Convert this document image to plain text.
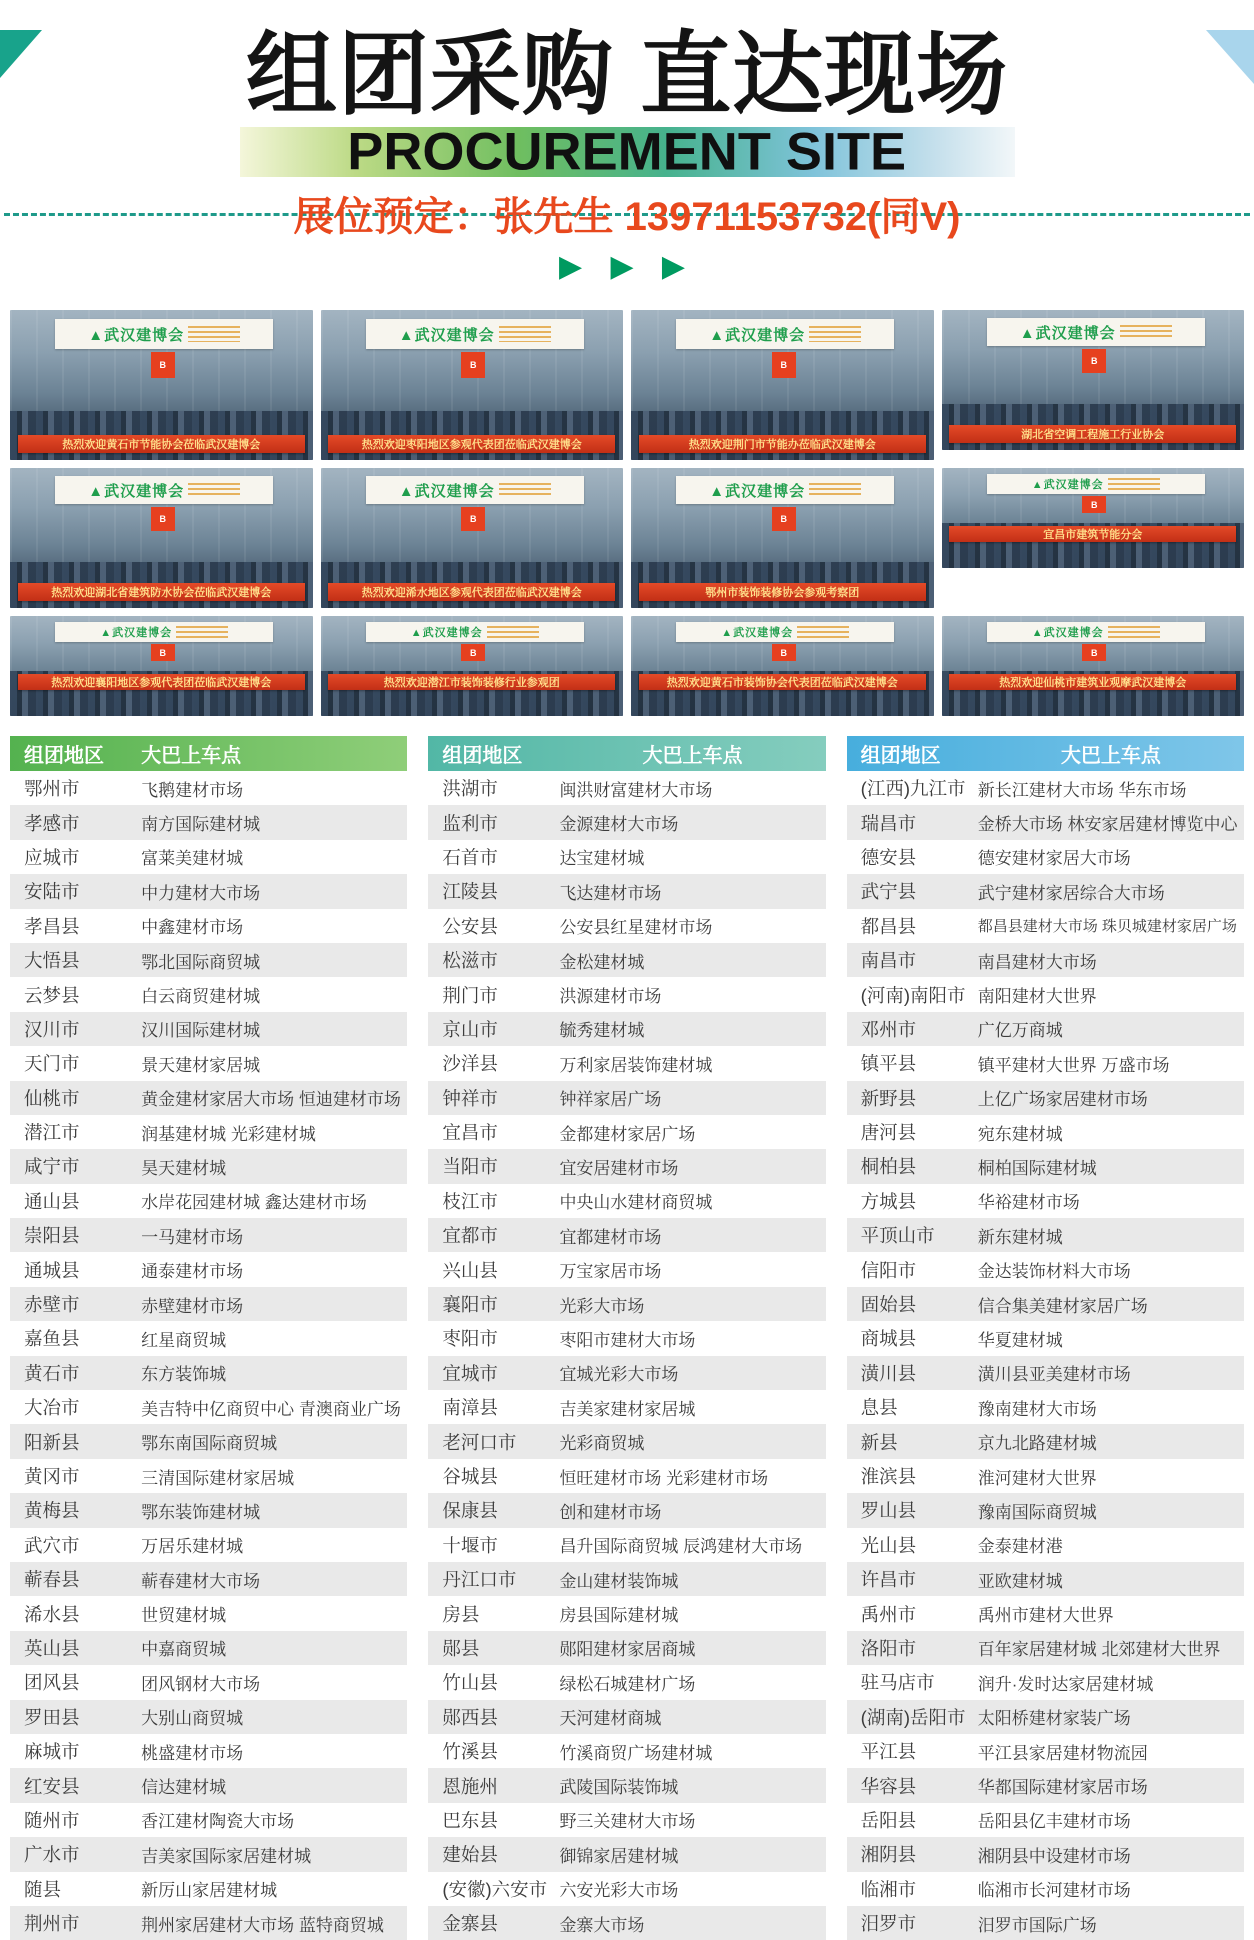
组团采购 直达现场
PROCUREMENT SITE
展位预定：张先生 13971153732(同V)
▶ ▶ ▶
▲武汉建博会
B
热烈欢迎黄石市节能协会莅临武汉建博会
▲武汉建博会
B
热烈欢迎枣阳地区参观代表团莅临武汉建博会
▲武汉建博会
B
热烈欢迎荆门市节能办莅临武汉建博会
▲武汉建博会
B
湖北省空调工程施工行业协会
▲武汉建博会
B
热烈欢迎湖北省建筑防水协会莅临武汉建博会
▲武汉建博会
B
热烈欢迎浠水地区参观代表团莅临武汉建博会
▲武汉建博会
B
鄂州市装饰装修协会参观考察团
▲武汉建博会
B
宜昌市建筑节能分会
▲武汉建博会
B
热烈欢迎襄阳地区参观代表团莅临武汉建博会
▲武汉建博会
B
热烈欢迎潜江市装饰装修行业参观团
▲武汉建博会
B
热烈欢迎黄石市装饰协会代表团莅临武汉建博会
▲武汉建博会
B
热烈欢迎仙桃市建筑业观摩武汉建博会
组团地区	大巴上车点
鄂州市	飞鹅建材市场
孝感市	南方国际建材城
应城市	富莱美建材城
安陆市	中力建材大市场
孝昌县	中鑫建材市场
大悟县	鄂北国际商贸城
云梦县	白云商贸建材城
汉川市	汉川国际建材城
天门市	景天建材家居城
仙桃市	黄金建材家居大市场 恒迪建材市场
潜江市	润基建材城 光彩建材城
咸宁市	昊天建材城
通山县	水岸花园建材城 鑫达建材市场
崇阳县	一马建材市场
通城县	通泰建材市场
赤壁市	赤壁建材市场
嘉鱼县	红星商贸城
黄石市	东方装饰城
大冶市	美吉特中亿商贸中心 青澳商业广场
阳新县	鄂东南国际商贸城
黄冈市	三清国际建材家居城
黄梅县	鄂东装饰建材城
武穴市	万居乐建材城
蕲春县	蕲春建材大市场
浠水县	世贸建材城
英山县	中嘉商贸城
团风县	团风钢材大市场
罗田县	大别山商贸城
麻城市	桃盛建材市场
红安县	信达建材城
随州市	香江建材陶瓷大市场
广水市	吉美家国际家居建材城
随县	新厉山家居建材城
荆州市	荆州家居建材大市场 蓝特商贸城
组团地区	大巴上车点
洪湖市	闽洪财富建材大市场
监利市	金源建材大市场
石首市	达宝建材城
江陵县	飞达建材市场
公安县	公安县红星建材市场
松滋市	金松建材城
荆门市	洪源建材市场
京山市	毓秀建材城
沙洋县	万利家居装饰建材城
钟祥市	钟祥家居广场
宜昌市	金都建材家居广场
当阳市	宜安居建材市场
枝江市	中央山水建材商贸城
宜都市	宜都建材市场
兴山县	万宝家居市场
襄阳市	光彩大市场
枣阳市	枣阳市建材大市场
宜城市	宜城光彩大市场
南漳县	吉美家建材家居城
老河口市	光彩商贸城
谷城县	恒旺建材市场 光彩建材市场
保康县	创和建材市场
十堰市	昌升国际商贸城 辰鸿建材大市场
丹江口市	金山建材装饰城
房县	房县国际建材城
郧县	郧阳建材家居商城
竹山县	绿松石城建材广场
郧西县	天河建材商城
竹溪县	竹溪商贸广场建材城
恩施州	武陵国际装饰城
巴东县	野三关建材大市场
建始县	御锦家居建材城
(安徽)六安市 六安光彩大市场
金寨县	金寨大市场
组团地区	大巴上车点
(江西)九江市 新长江建材大市场 华东市场
瑞昌市	金桥大市场 林安家居建材博览中心
德安县	德安建材家居大市场
武宁县	武宁建材家居综合大市场
都昌县	都昌县建材大市场 珠贝城建材家居广场
南昌市	南昌建材大市场
(河南)南阳市 南阳建材大世界
邓州市	广亿万商城
镇平县	镇平建材大世界 万盛市场
新野县	上亿广场家居建材市场
唐河县	宛东建材城
桐柏县	桐柏国际建材城
方城县	华裕建材市场
平顶山市	新东建材城
信阳市	金达装饰材料大市场
固始县	信合集美建材家居广场
商城县	华夏建材城
潢川县	潢川县亚美建材市场
息县	豫南建材大市场
新县	京九北路建材城
淮滨县	淮河建材大世界
罗山县	豫南国际商贸城
光山县	金泰建材港
许昌市	亚欧建材城
禹州市	禹州市建材大世界
洛阳市	百年家居建材城 北郊建材大世界
驻马店市	润升·发时达家居建材城
(湖南)岳阳市 太阳桥建材家装广场
平江县	平江县家居建材物流园
华容县	华都国际建材家居市场
岳阳县	岳阳县亿丰建材市场
湘阴县	湘阴县中设建材市场
临湘市	临湘市长河建材市场
汨罗市	汨罗市国际广场
